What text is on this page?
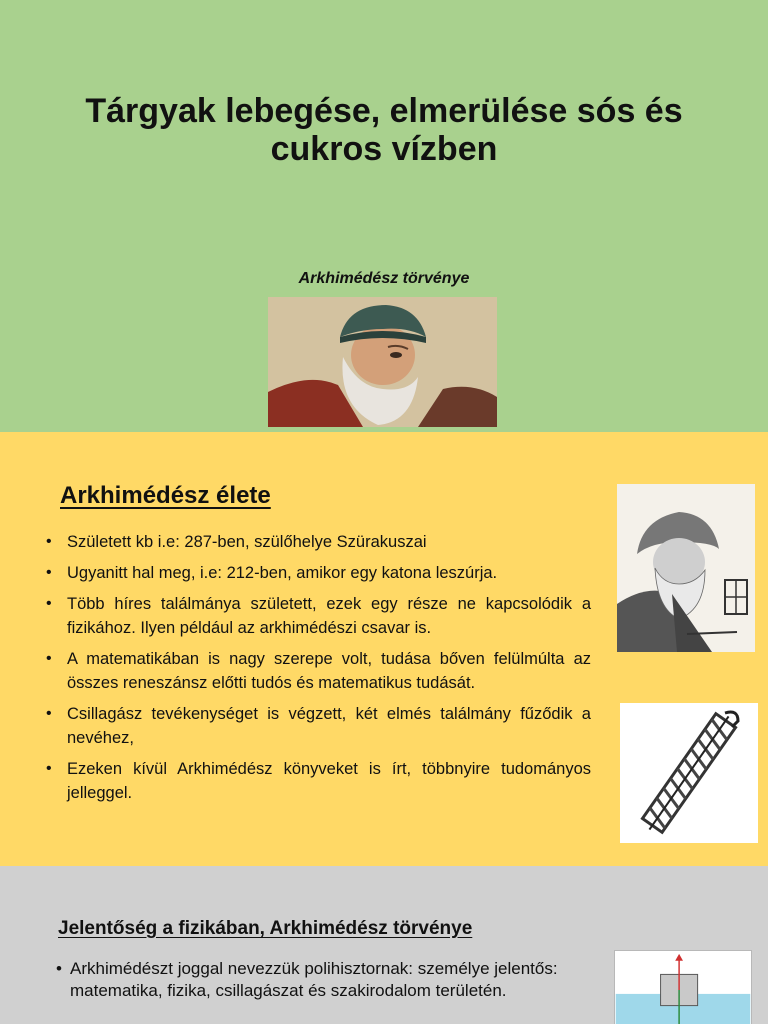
Tárgyak lebegése, elmerülése sós és cukros vízben
Arkhimédész törvénye
Arkhimédész élete
• Született kb i.e: 287-ben, szülőhelye Szürakuszai
• Ugyanitt hal meg, i.e: 212-ben, amikor egy katona leszúrja.
• Több híres találmánya született, ezek egy része ne kapcsolódik a fizikához. Ilyen például az arkhimédészi csavar is.
• A matematikában is nagy szerepe volt, tudása bőven felülmúlta az összes reneszánsz előtti tudós és matematikus tudását.
• Csillagász tevékenységet is végzett, két elmés találmány fűződik a nevéhez,
• Ezeken kívül Arkhimédész könyveket is írt, többnyire tudományos jelleggel.
Jelentőség a fizikában, Arkhimédész törvénye
• Arkhimédészt joggal nevezzük polihisztornak: személye jelentős: matematika, fizika, csillagászat és szakirodalom területén.
